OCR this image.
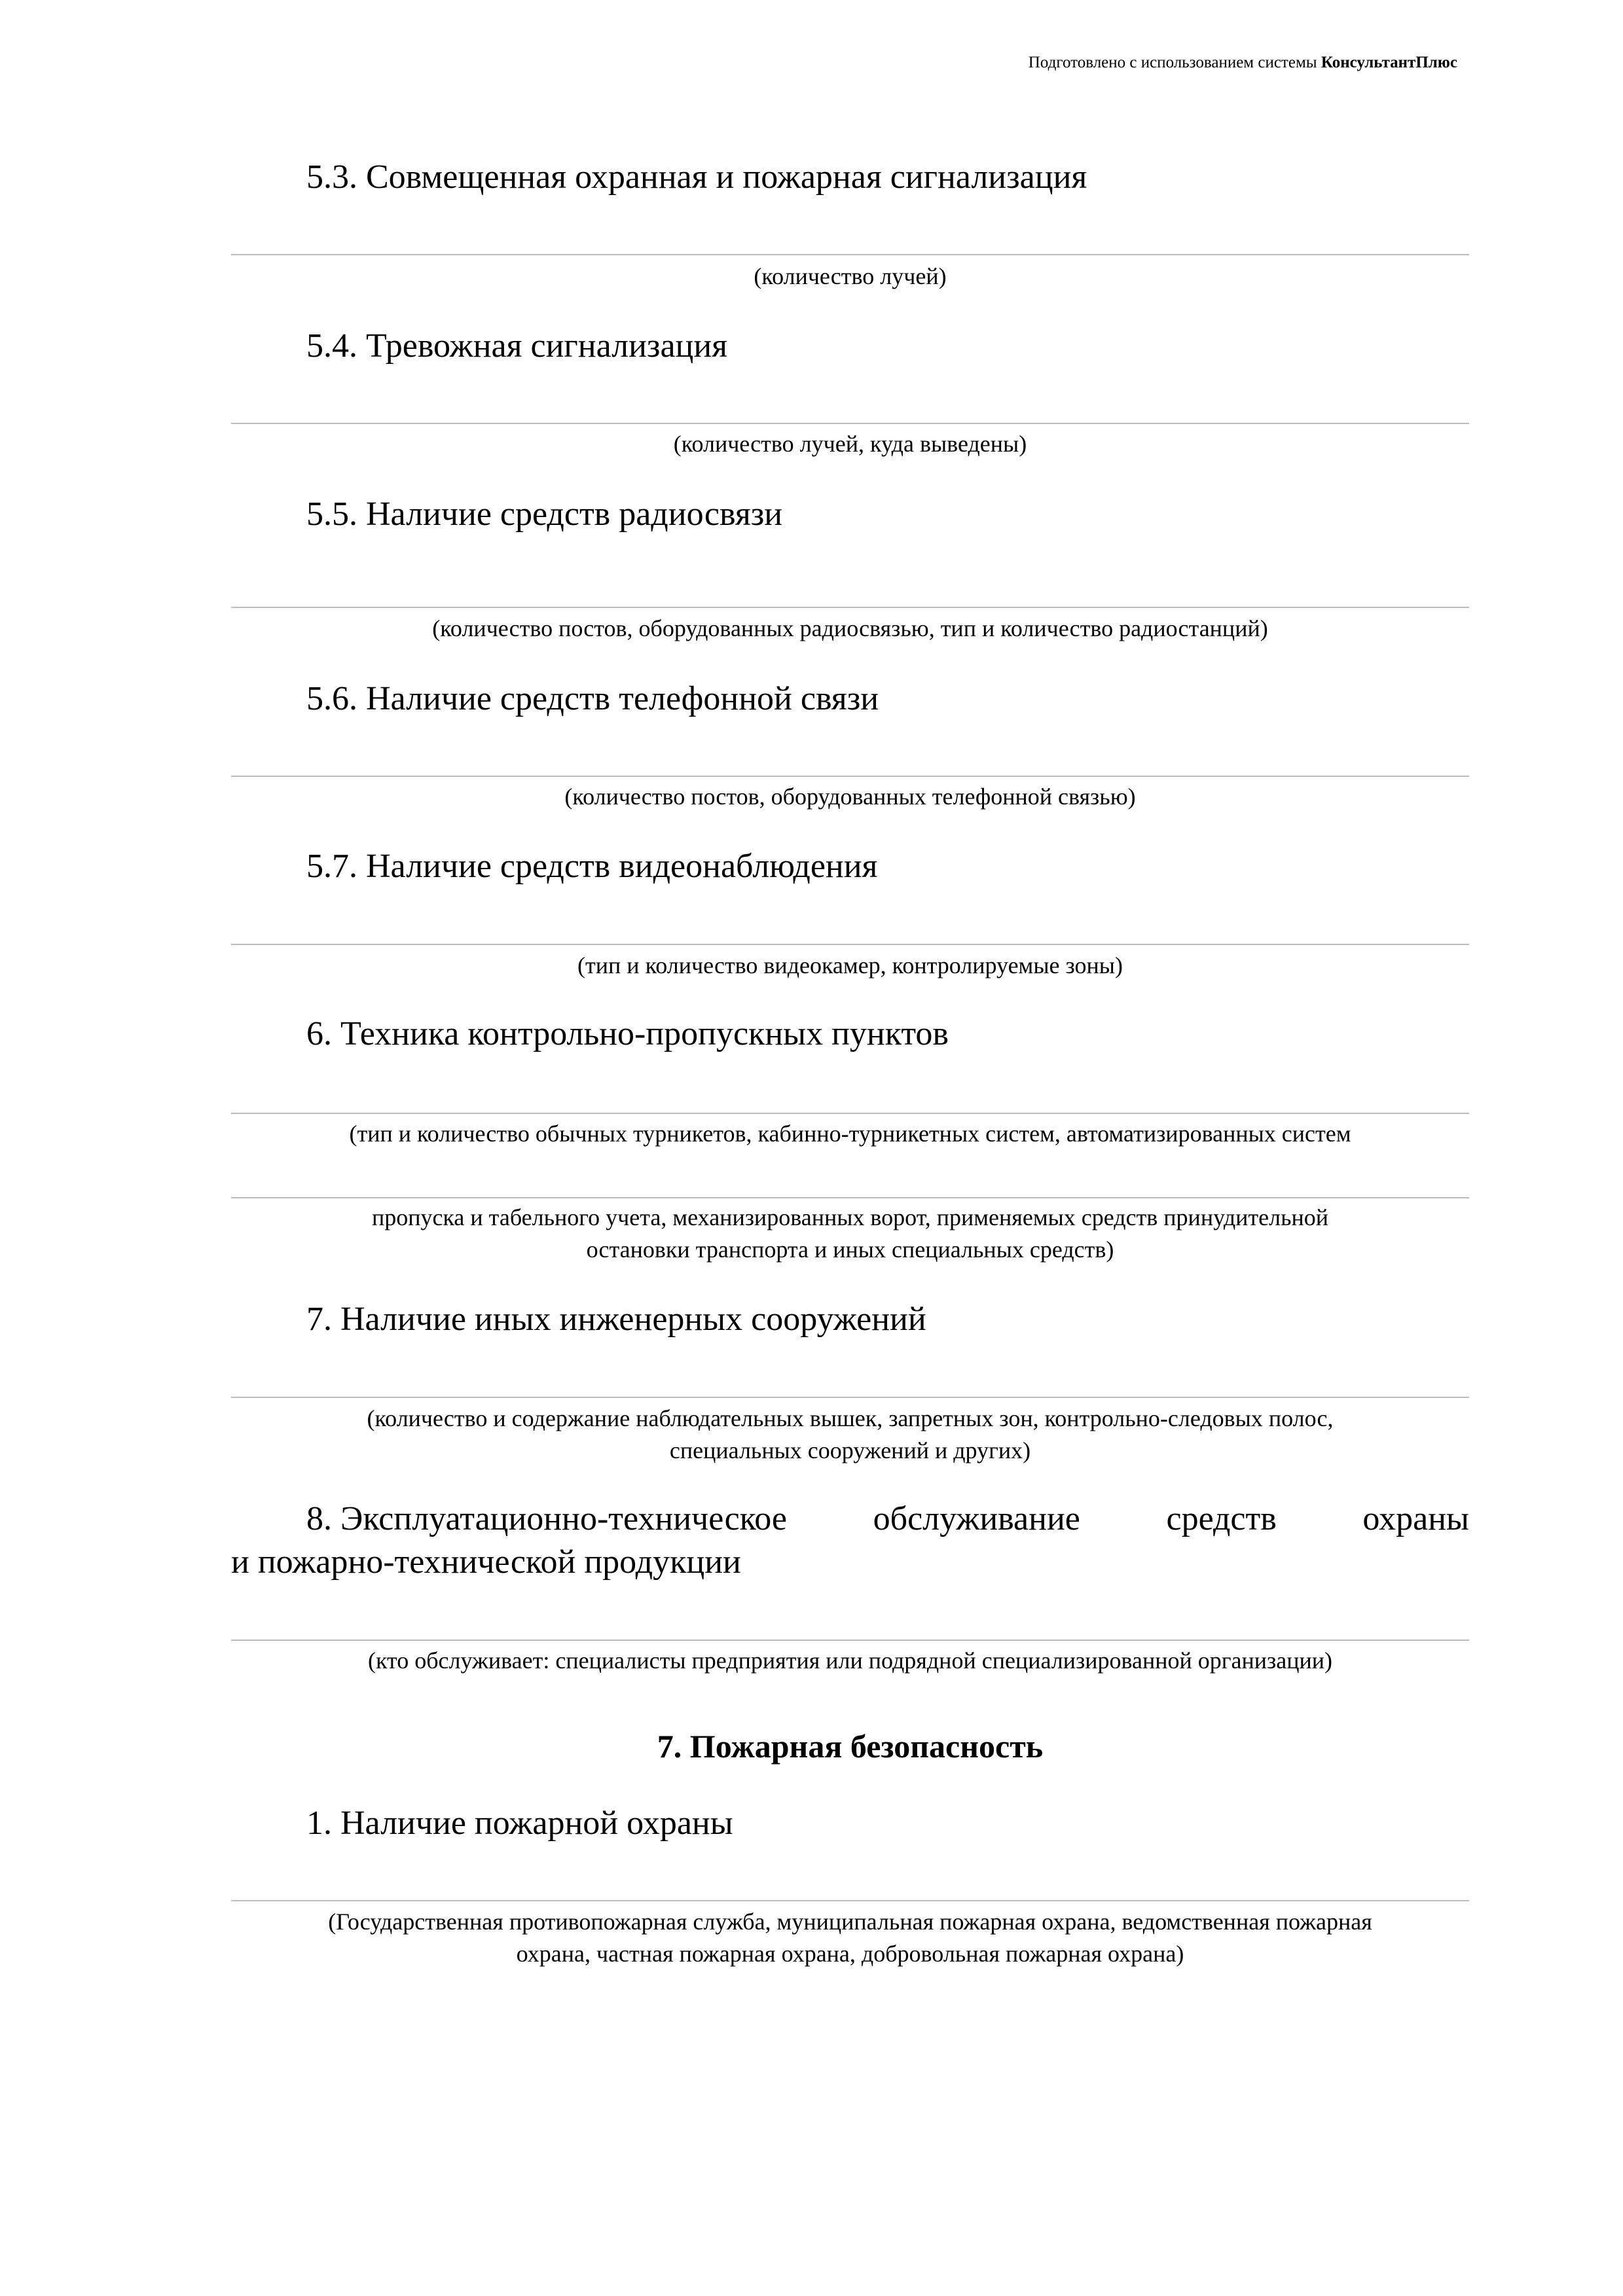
Подготовлено с использованием системы КонсультантПлюс
5.3. Совмещенная охранная и пожарная сигнализация
(количество лучей)
5.4. Тревожная сигнализация
(количество лучей, куда выведены)
5.5. Наличие средств радиосвязи
(количество постов, оборудованных радиосвязью, тип и количество радиостанций)
5.6. Наличие средств телефонной связи
(количество постов, оборудованных телефонной связью)
5.7. Наличие средств видеонаблюдения
(тип и количество видеокамер, контролируемые зоны)
6. Техника контрольно-пропускных пунктов
(тип и количество обычных турникетов, кабинно-турникетных систем, автоматизированных систем
пропуска и табельного учета, механизированных ворот, применяемых средств принудительной
остановки транспорта и иных специальных средств)
7. Наличие иных инженерных сооружений
(количество и содержание наблюдательных вышек, запретных зон, контрольно-следовых полос,
специальных сооружений и других)
8. Эксплуатационно-техническое	обслуживание	средств	охраны
и пожарно-технической продукции
(кто обслуживает: специалисты предприятия или подрядной специализированной организации)
7. Пожарная безопасность
1. Наличие пожарной охраны
(Государственная противопожарная служба, муниципальная пожарная охрана, ведомственная пожарная
охрана, частная пожарная охрана, добровольная пожарная охрана)
